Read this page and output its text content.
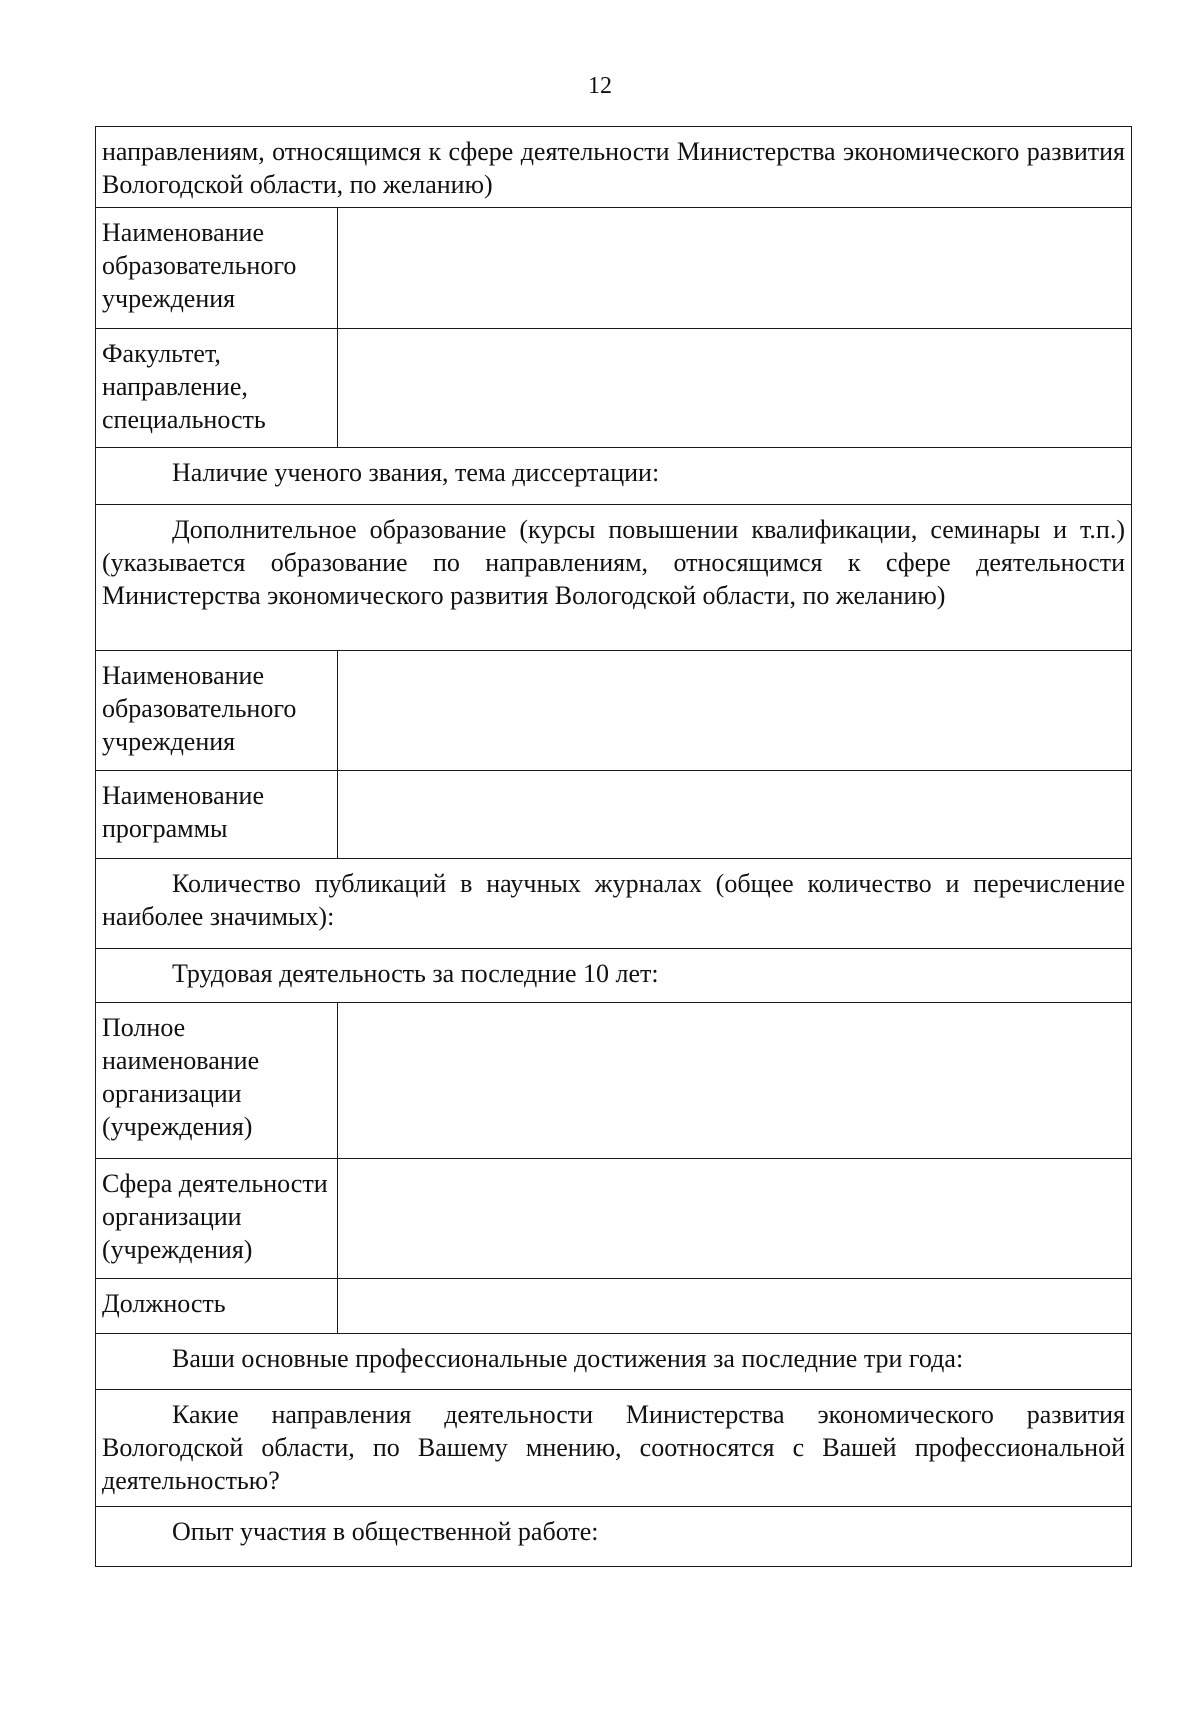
12
направлениям, относящимся к сфере деятельности Министерства экономического развития Вологодской области, по желанию)	
Наименование образовательного учреждения	
Факультет, направление, специальность	
Наличие ученого звания, тема диссертации:	
Дополнительное образование (курсы повышении квалификации, семинары и т.п.) (указывается образование по направлениям, относящимся к сфере деятельности Министерства экономического развития Вологодской области, по желанию)	
Наименование образовательного учреждения	
Наименование программы	
Количество публикаций в научных журналах (общее количество и перечисление наиболее значимых):	
Трудовая деятельность за последние 10 лет:	
Полное наименование организации (учреждения)	
Сфера деятельности организации (учреждения)	
Должность	
Ваши основные профессиональные достижения за последние три года:	
Какие направления деятельности Министерства экономического развития Вологодской области, по Вашему мнению, соотносятся с Вашей профессиональной деятельностью?	
Опыт участия в общественной работе:	
